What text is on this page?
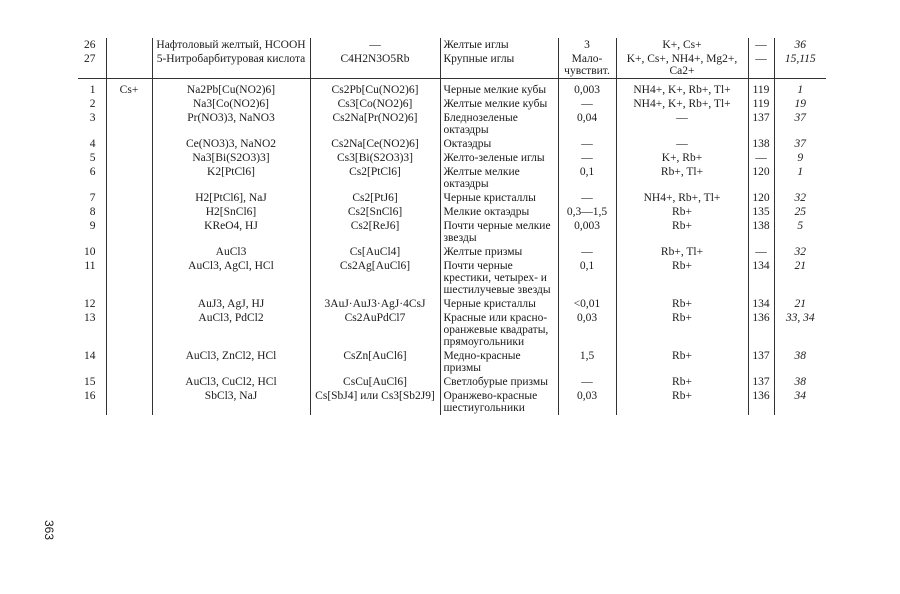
26		Нафтоловый желтый, НСООН	—	Желтые иглы	3	K+, Cs+	—	36
27		5-Нитробарбитуровая кислота	C4H2N3O5Rb	Крупные иглы	Мало-чувствит.	K+, Cs+, NH4+, Mg2+, Ca2+	—	15,115
1	Cs+	Na2Pb[Cu(NO2)6]	Cs2Pb[Cu(NO2)6]	Черные мелкие кубы	0,003	NH4+, K+, Rb+, Tl+	119	1
2		Na3[Co(NO2)6]	Cs3[Co(NO2)6]	Желтые мелкие кубы	—	NH4+, K+, Rb+, Tl+	119	19
3		Pr(NO3)3, NaNO3	Cs2Na[Pr(NO2)6]	Бледнозеленые октаэдры	0,04	—	137	37
4		Ce(NO3)3, NaNO2	Cs2Na[Ce(NO2)6]	Октаэдры	—	—	138	37
5		Na3[Bi(S2O3)3]	Cs3[Bi(S2O3)3]	Желто-зеленые иглы	—	K+, Rb+	—	9
6		K2[PtCl6]	Cs2[PtCl6]	Желтые мелкие октаэдры	0,1	Rb+, Tl+	120	1
7		H2[PtCl6], NaJ	Cs2[PtJ6]	Черные кристаллы	—	NH4+, Rb+, Tl+	120	32
8		H2[SnCl6]	Cs2[SnCl6]	Мелкие октаэдры	0,3—1,5	Rb+	135	25
9		KReO4, HJ	Cs2[ReJ6]	Почти черные мелкие звезды	0,003	Rb+	138	5
10		AuCl3	Cs[AuCl4]	Желтые призмы	—	Rb+, Tl+	—	32
11		AuCl3, AgCl, HCl	Cs2Ag[AuCl6]	Почти черные крестики, четырех- и шестилучевые звезды	0,1	Rb+	134	21
12		AuJ3, AgJ, HJ	3AuJ·AuJ3·AgJ·4CsJ	Черные кристаллы	<0,01	Rb+	134	21
13		AuCl3, PdCl2	Cs2AuPdCl7	Красные или красно-оранжевые квадраты, прямоугольники	0,03	Rb+	136	33, 34
14		AuCl3, ZnCl2, HCl	CsZn[AuCl6]	Медно-красные призмы	1,5	Rb+	137	38
15		AuCl3, CuCl2, HCl	CsCu[AuCl6]	Светлобурые призмы	—	Rb+	137	38
16		SbCl3, NaJ	Cs[SbJ4] или Cs3[Sb2J9]	Оранжево-красные шестиугольники	0,03	Rb+	136	34
363
